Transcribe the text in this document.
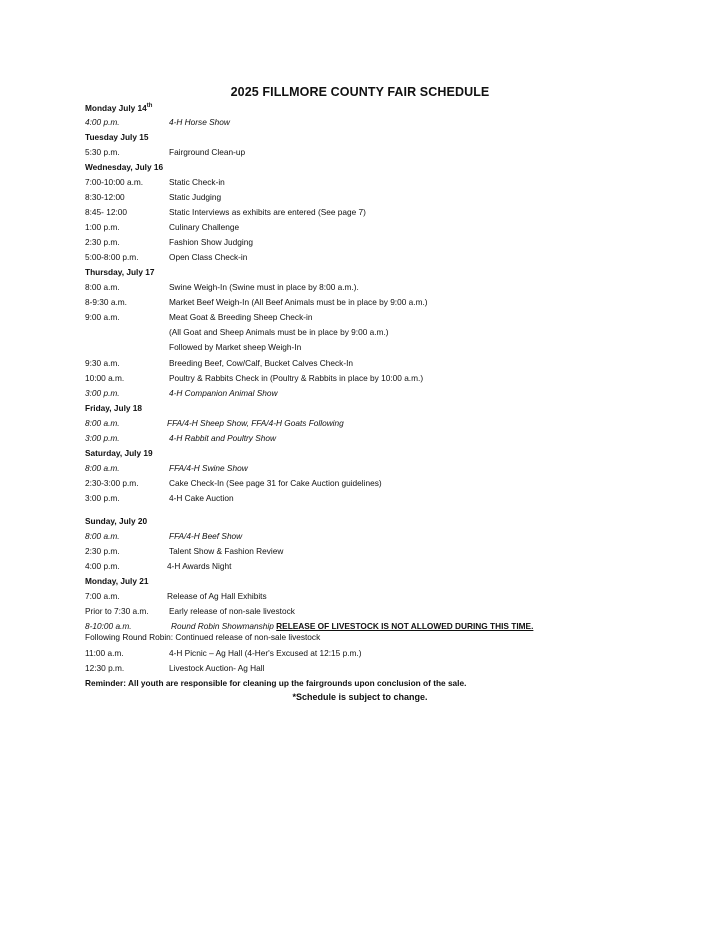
2025 FILLMORE COUNTY FAIR SCHEDULE
Monday July 14th
4:00 p.m.	4-H Horse Show
Tuesday July 15
5:30 p.m.	Fairground Clean-up
Wednesday, July 16
7:00-10:00 a.m.	Static Check-in
8:30-12:00	Static Judging
8:45- 12:00	Static Interviews as exhibits are entered (See page 7)
1:00 p.m.	Culinary Challenge
2:30 p.m.	Fashion Show Judging
5:00-8:00 p.m.	Open Class Check-in
Thursday, July 17
8:00 a.m.	Swine Weigh-In (Swine must in place by 8:00 a.m.).
8-9:30 a.m.	Market Beef Weigh-In (All Beef Animals must be in place by 9:00 a.m.)
9:00 a.m.	Meat Goat & Breeding Sheep Check-in
(All Goat and Sheep Animals must be in place by 9:00 a.m.)
Followed by Market sheep Weigh-In
9:30 a.m.	Breeding Beef, Cow/Calf, Bucket Calves Check-In
10:00 a.m.	Poultry & Rabbits Check in (Poultry & Rabbits in place by 10:00 a.m.)
3:00 p.m.	4-H Companion Animal Show
Friday, July 18
8:00 a.m.	FFA/4-H Sheep Show, FFA/4-H Goats Following
3:00 p.m.	4-H Rabbit and Poultry Show
Saturday, July 19
8:00 a.m.	FFA/4-H Swine Show
2:30-3:00 p.m.	Cake Check-In (See page 31 for Cake Auction guidelines)
3:00 p.m.	4-H Cake Auction
Sunday, July 20
8:00 a.m.	FFA/4-H Beef Show
2:30 p.m.	Talent Show & Fashion Review
4:00 p.m.	4-H Awards Night
Monday, July 21
7:00 a.m.	Release of Ag Hall Exhibits
Prior to 7:30 a.m. Early release of non-sale livestock
8-10:00 a.m.	Round Robin Showmanship RELEASE OF LIVESTOCK IS NOT ALLOWED DURING THIS TIME.
Following Round Robin: Continued release of non-sale livestock
11:00 a.m.	4-H Picnic – Ag Hall (4-Her's Excused at 12:15 p.m.)
12:30 p.m.	Livestock Auction- Ag Hall
Reminder: All youth are responsible for cleaning up the fairgrounds upon conclusion of the sale.
*Schedule is subject to change.
